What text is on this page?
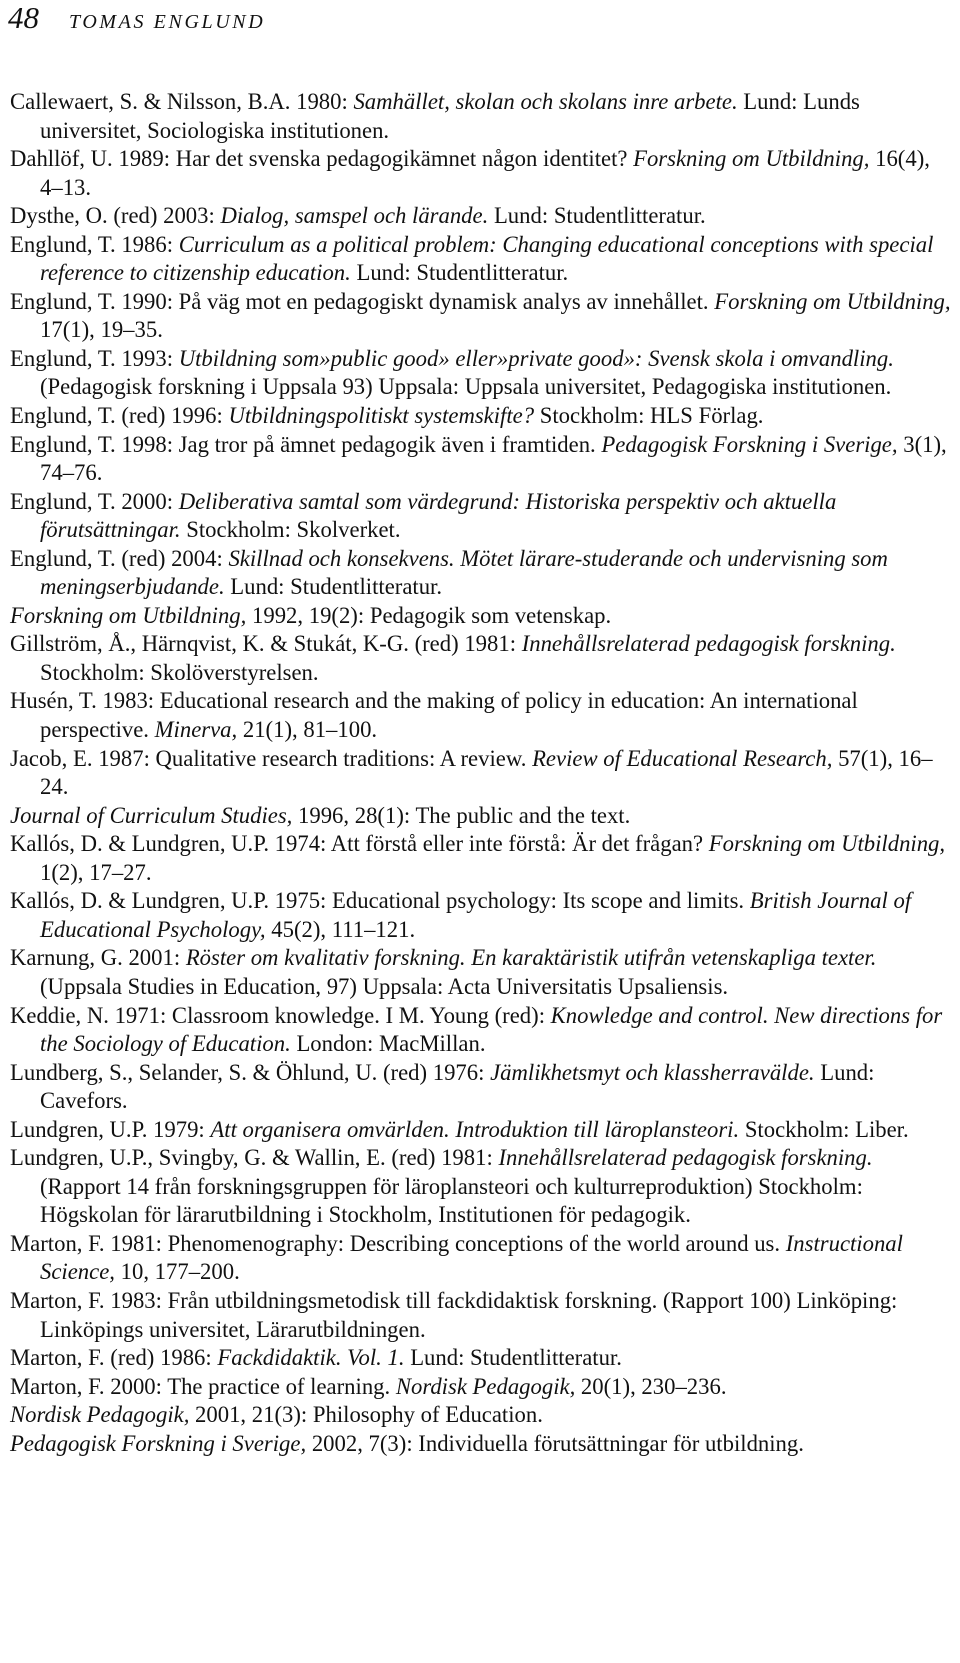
48 TOMAS ENGLUND
Callewaert, S. & Nilsson, B.A. 1980: Samhället, skolan och skolans inre arbete. Lund: Lunds universitet, Sociologiska institutionen.
Dahllöf, U. 1989: Har det svenska pedagogikämnet någon identitet? Forskning om Utbildning, 16(4), 4–13.
Dysthe, O. (red) 2003: Dialog, samspel och lärande. Lund: Studentlitteratur.
Englund, T. 1986: Curriculum as a political problem: Changing educational conceptions with special reference to citizenship education. Lund: Studentlitteratur.
Englund, T. 1990: På väg mot en pedagogiskt dynamisk analys av innehållet. Forskning om Utbildning, 17(1), 19–35.
Englund, T. 1993: Utbildning som»public good» eller»private good»: Svensk skola i omvandling. (Pedagogisk forskning i Uppsala 93) Uppsala: Uppsala universitet, Pedagogiska institutionen.
Englund, T. (red) 1996: Utbildningspolitiskt systemskifte? Stockholm: HLS Förlag.
Englund, T. 1998: Jag tror på ämnet pedagogik även i framtiden. Pedagogisk Forskning i Sverige, 3(1), 74–76.
Englund, T. 2000: Deliberativa samtal som värdegrund: Historiska perspektiv och aktuella förutsättningar. Stockholm: Skolverket.
Englund, T. (red) 2004: Skillnad och konsekvens. Mötet lärare-studerande och undervisning som meningserbjudande. Lund: Studentlitteratur.
Forskning om Utbildning, 1992, 19(2): Pedagogik som vetenskap.
Gillström, Å., Härnqvist, K. & Stukát, K-G. (red) 1981: Innehållsrelaterad pedagogisk forskning. Stockholm: Skolöverstyrelsen.
Husén, T. 1983: Educational research and the making of policy in education: An international perspective. Minerva, 21(1), 81–100.
Jacob, E. 1987: Qualitative research traditions: A review. Review of Educational Research, 57(1), 16–24.
Journal of Curriculum Studies, 1996, 28(1): The public and the text.
Kallós, D. & Lundgren, U.P. 1974: Att förstå eller inte förstå: Är det frågan? Forskning om Utbildning, 1(2), 17–27.
Kallós, D. & Lundgren, U.P. 1975: Educational psychology: Its scope and limits. British Journal of Educational Psychology, 45(2), 111–121.
Karnung, G. 2001: Röster om kvalitativ forskning. En karaktäristik utifrån vetenskapliga texter. (Uppsala Studies in Education, 97) Uppsala: Acta Universitatis Upsaliensis.
Keddie, N. 1971: Classroom knowledge. I M. Young (red): Knowledge and control. New directions for the Sociology of Education. London: MacMillan.
Lundberg, S., Selander, S. & Öhlund, U. (red) 1976: Jämlikhetsmyt och klassherravälde. Lund: Cavefors.
Lundgren, U.P. 1979: Att organisera omvärlden. Introduktion till läroplansteori. Stockholm: Liber.
Lundgren, U.P., Svingby, G. & Wallin, E. (red) 1981: Innehållsrelaterad pedagogisk forskning. (Rapport 14 från forskningsgruppen för läroplansteori och kulturreproduktion) Stockholm: Högskolan för lärarutbildning i Stockholm, Institutionen för pedagogik.
Marton, F. 1981: Phenomenography: Describing conceptions of the world around us. Instructional Science, 10, 177–200.
Marton, F. 1983: Från utbildningsmetodisk till fackdidaktisk forskning. (Rapport 100) Linköping: Linköpings universitet, Lärarutbildningen.
Marton, F. (red) 1986: Fackdidaktik. Vol. 1. Lund: Studentlitteratur.
Marton, F. 2000: The practice of learning. Nordisk Pedagogik, 20(1), 230–236.
Nordisk Pedagogik, 2001, 21(3): Philosophy of Education.
Pedagogisk Forskning i Sverige, 2002, 7(3): Individuella förutsättningar för utbildning.
